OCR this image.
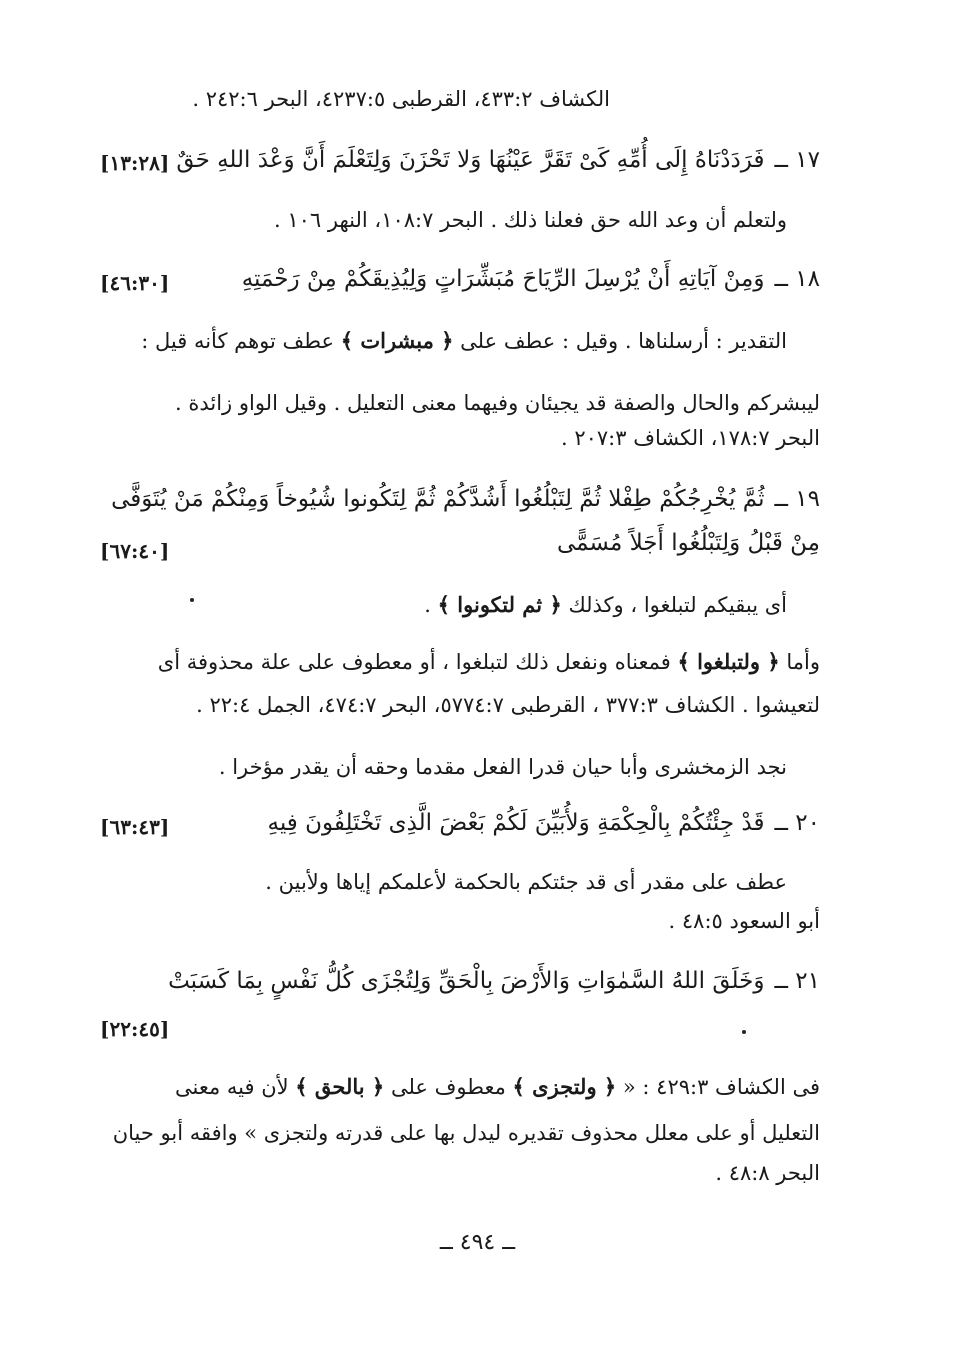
الكشاف ٤٣٣:٢، القرطبى ٤٢٣٧:٥، البحر ٢٤٢:٦ .
١٧ ــفَرَدَدْنَاهُ إِلَى أُمِّهِ كَىْ تَقَرَّ عَيْنُهَا وَلا تَحْزَنَ وَلِتَعْلَمَ أَنَّ وَعْدَ اللهِ حَقٌ
[١٣:٢٨]
ولتعلم أن وعد الله حق فعلنا ذلك . البحر ١٠٨:٧، النهر ١٠٦ .
١٨ ــوَمِنْ آيَاتِهِ أَنْ يُرْسِلَ الرِّيَاحَ مُبَشِّرَاتٍ وَلِيُذِيقَكُمْ مِنْ رَحْمَتِهِ
[٤٦:٣٠]
التقدير : أرسلناها . وقيل : عطف على ﴿ مبشرات ﴾ عطف توهم كأنه قيل :
ليبشركم والحال والصفة قد يجيئان وفيهما معنى التعليل . وقيل الواو زائدة .
البحر ١٧٨:٧، الكشاف ٢٠٧:٣ .
١٩ ــثُمَّ يُخْرِجُكُمْ طِفْلا ثُمَّ لِتَبْلُغُوا أَشُدَّكُمْ ثُمَّ لِتَكُونوا شُيُوخاً وَمِنْكُمْ مَنْ يُتَوَفَّى
مِنْ قَبْلُ وَلِتَبْلُغُوا أَجَلاً مُسَمًّى
[٦٧:٤٠]
أى يبقيكم لتبلغوا ، وكذلك ﴿ ثم لتكونوا ﴾ .
وأما ﴿ ولتبلغوا ﴾ فمعناه ونفعل ذلك لتبلغوا ، أو معطوف على علة محذوفة أى
لتعيشوا . الكشاف ٣٧٧:٣ ، القرطبى ٥٧٧٤:٧، البحر ٤٧٤:٧، الجمل ٢٢:٤ .
نجد الزمخشرى وأبا حيان قدرا الفعل مقدما وحقه أن يقدر مؤخرا .
٢٠ ــقَدْ جِئْتُكُمْ بِالْحِكْمَةِ وَلأُبَيِّنَ لَكُمْ بَعْضَ الَّذِى تَخْتَلِفُونَ فِيهِ
[٦٣:٤٣]
عطف على مقدر أى قد جئتكم بالحكمة لأعلمكم إياها ولأبين .
أبو السعود ٤٨:٥ .
٢١ ــوَخَلَقَ اللهُ السَّمٰوَاتِ وَالأَرْضَ بِالْحَقِّ وَلِتُجْزَى كُلُّ نَفْسٍ بِمَا كَسَبَتْ
[٢٢:٤٥]
فى الكشاف ٤٢٩:٣ : « ﴿ ولتجزى ﴾ معطوف على ﴿ بالحق ﴾ لأن فيه معنى
التعليل أو على معلل محذوف تقديره ليدل بها على قدرته ولتجزى » وافقه أبو حيان
البحر ٤٨:٨ .
ــ ٤٩٤ ــ
